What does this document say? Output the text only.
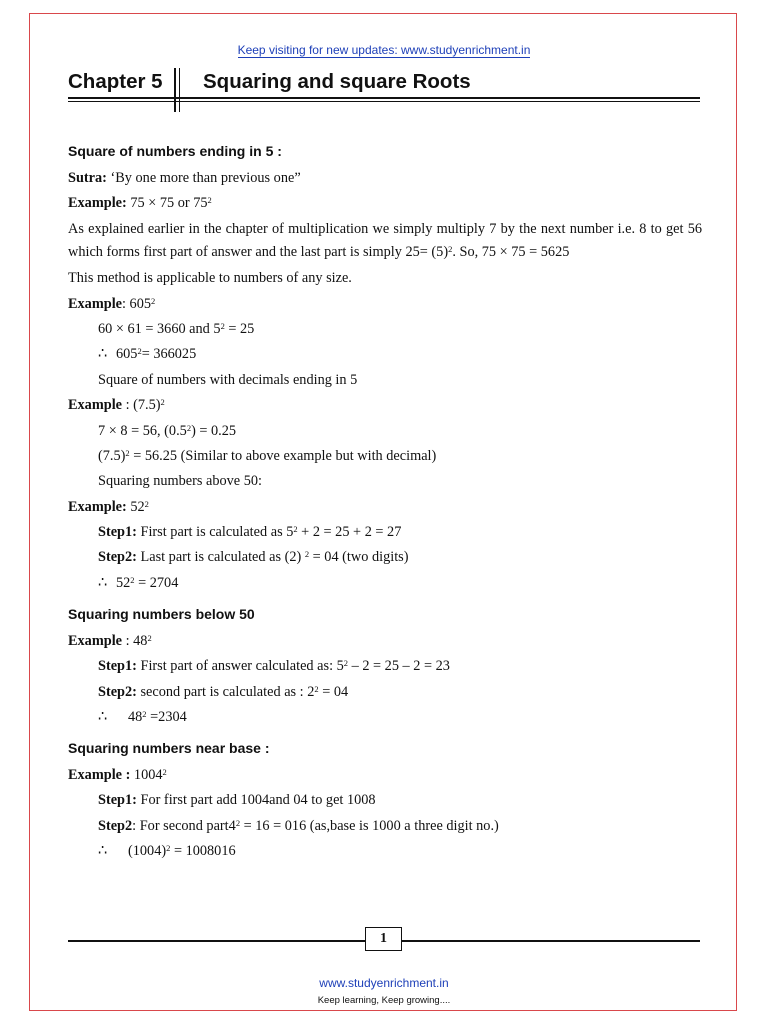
Keep visiting for new updates: www.studyenrichment.in
Chapter 5 Squaring and square Roots
Square of numbers ending in 5 :
Sutra: ‘By one more than previous one”
Example: 75 × 75 or $75^2$
As explained earlier in the chapter of multiplication we simply multiply 7 by the next number i.e. 8 to get 56 which forms first part of answer and the last part is simply $25= (5)^2$. So, 75 × 75 = 5625
This method is applicable to numbers of any size.
Example: $605^2$
60 × 61 = 3660 and $5^2 = 25$
∴ $605^2= 366025$
Square of numbers with decimals ending in 5
Example : $(7.5)^2$
7 × 8 = 56, $(0.5^2) = 0.25$
$(7.5)^2 = 56.25$ (Similar to above example but with decimal)
Squaring numbers above 50:
Example: $52^2$
Step1: First part is calculated as $5^2 + 2 = 25 + 2 = 27$
Step2: Last part is calculated as (2) $^2$ = 04 (two digits)
∴ $52^2 = 2704$
Squaring numbers below 50
Example : $48^2$
Step1: First part of answer calculated as: $5^2 - 2 = 25 - 2 = 23$
Step2: second part is calculated as : $2^2 = 04$
∴ $48^2 =2304$
Squaring numbers near base :
Example : 1004$^2$
Step1: For first part add 1004and 04 to get 1008
Step2: For second $part4^2 = 16 = 016$ (as,base is 1000 a three digit no.)
∴ $(1004)^2 = 1008016$
1
www.studyenrichment.in
Keep learning, Keep growing....
